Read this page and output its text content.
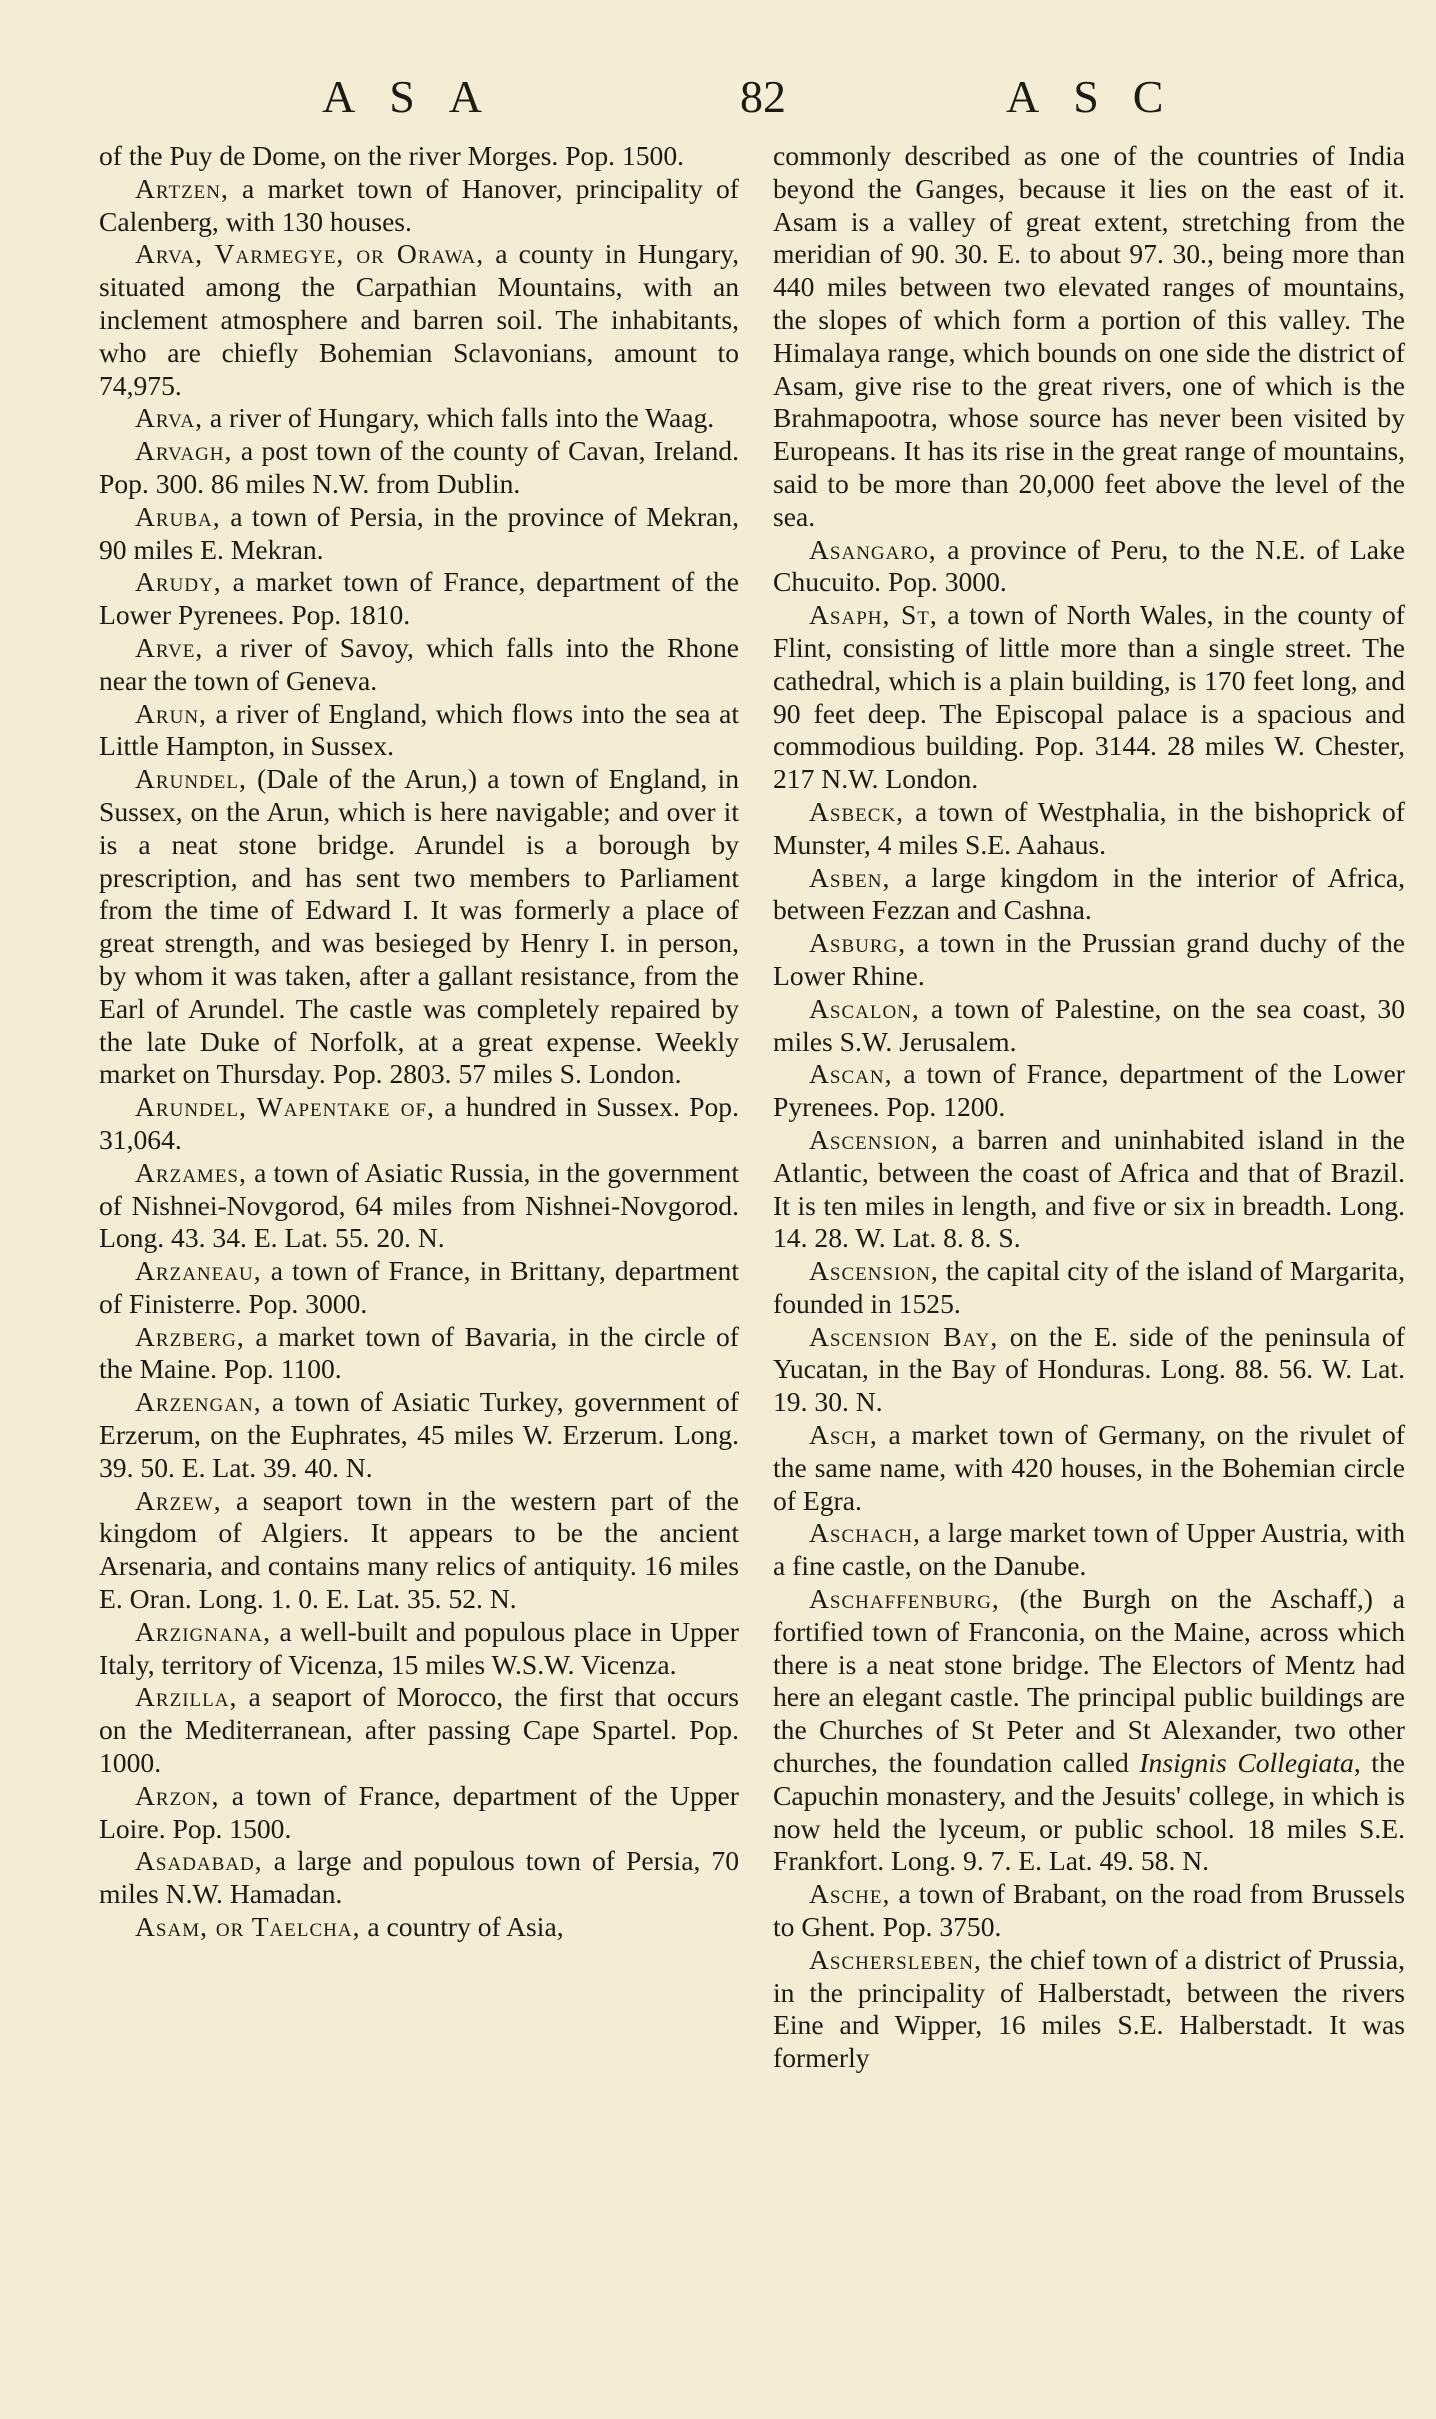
ASA	82	ASC

of the Puy de Dome, on the river Morges. Pop. 1500.

Artzen, a market town of Hanover, principality of Calenberg, with 130 houses.

Arva, Varmegye, or Orawa, a county in Hungary, situated among the Carpathian Mountains, with an inclement atmosphere and barren soil. The inhabitants, who are chiefly Bohemian Sclavonians, amount to 74,975.

Arva, a river of Hungary, which falls into the Waag.

Arvagh, a post town of the county of Cavan, Ireland. Pop. 300. 86 miles N.W. from Dublin.

Aruba, a town of Persia, in the province of Mekran, 90 miles E. Mekran.

Arudy, a market town of France, department of the Lower Pyrenees. Pop. 1810.

Arve, a river of Savoy, which falls into the Rhone near the town of Geneva.

Arun, a river of England, which flows into the sea at Little Hampton, in Sussex.

Arundel, (Dale of the Arun,) a town of England, in Sussex, on the Arun, which is here navigable; and over it is a neat stone bridge. Arundel is a borough by prescription, and has sent two members to Parliament from the time of Edward I. It was formerly a place of great strength, and was besieged by Henry I. in person, by whom it was taken, after a gallant resistance, from the Earl of Arundel. The castle was completely repaired by the late Duke of Norfolk, at a great expense. Weekly market on Thursday. Pop. 2803. 57 miles S. London.

Arundel, Wapentake of, a hundred in Sussex. Pop. 31,064.

Arzames, a town of Asiatic Russia, in the government of Nishnei-Novgorod, 64 miles from Nishnei-Novgorod. Long. 43. 34. E. Lat. 55. 20. N.

Arzaneau, a town of France, in Brittany, department of Finisterre. Pop. 3000.

Arzberg, a market town of Bavaria, in the circle of the Maine. Pop. 1100.

Arzengan, a town of Asiatic Turkey, government of Erzerum, on the Euphrates, 45 miles W. Erzerum. Long. 39. 50. E. Lat. 39. 40. N.

Arzew, a seaport town in the western part of the kingdom of Algiers. It appears to be the ancient Arsenaria, and contains many relics of antiquity. 16 miles E. Oran. Long. 1. 0. E. Lat. 35. 52. N.

Arzignana, a well-built and populous place in Upper Italy, territory of Vicenza, 15 miles W.S.W. Vicenza.

Arzilla, a seaport of Morocco, the first that occurs on the Mediterranean, after passing Cape Spartel. Pop. 1000.

Arzon, a town of France, department of the Upper Loire. Pop. 1500.

Asadabad, a large and populous town of Persia, 70 miles N.W. Hamadan.

Asam, or Taelcha, a country of Asia,

commonly described as one of the countries of India beyond the Ganges, because it lies on the east of it. Asam is a valley of great extent, stretching from the meridian of 90. 30. E. to about 97. 30., being more than 440 miles between two elevated ranges of mountains, the slopes of which form a portion of this valley. The Himalaya range, which bounds on one side the district of Asam, give rise to the great rivers, one of which is the Brahmapootra, whose source has never been visited by Europeans. It has its rise in the great range of mountains, said to be more than 20,000 feet above the level of the sea.

Asangaro, a province of Peru, to the N.E. of Lake Chucuito. Pop. 3000.

Asaph, St, a town of North Wales, in the county of Flint, consisting of little more than a single street. The cathedral, which is a plain building, is 170 feet long, and 90 feet deep. The Episcopal palace is a spacious and commodious building. Pop. 3144. 28 miles W. Chester, 217 N.W. London.

Asbeck, a town of Westphalia, in the bishoprick of Munster, 4 miles S.E. Aahaus.

Asben, a large kingdom in the interior of Africa, between Fezzan and Cashna.

Asburg, a town in the Prussian grand duchy of the Lower Rhine.

Ascalon, a town of Palestine, on the sea coast, 30 miles S.W. Jerusalem.

Ascan, a town of France, department of the Lower Pyrenees. Pop. 1200.

Ascension, a barren and uninhabited island in the Atlantic, between the coast of Africa and that of Brazil. It is ten miles in length, and five or six in breadth. Long. 14. 28. W. Lat. 8. 8. S.

Ascension, the capital city of the island of Margarita, founded in 1525.

Ascension Bay, on the E. side of the peninsula of Yucatan, in the Bay of Honduras. Long. 88. 56. W. Lat. 19. 30. N.

Asch, a market town of Germany, on the rivulet of the same name, with 420 houses, in the Bohemian circle of Egra.

Aschach, a large market town of Upper Austria, with a fine castle, on the Danube.

Aschaffenburg, (the Burgh on the Aschaff,) a fortified town of Franconia, on the Maine, across which there is a neat stone bridge. The Electors of Mentz had here an elegant castle. The principal public buildings are the Churches of St Peter and St Alexander, two other churches, the foundation called Insignis Collegiata, the Capuchin monastery, and the Jesuits' college, in which is now held the lyceum, or public school. 18 miles S.E. Frankfort. Long. 9. 7. E. Lat. 49. 58. N.

Asche, a town of Brabant, on the road from Brussels to Ghent. Pop. 3750.

Aschersleben, the chief town of a district of Prussia, in the principality of Halberstadt, between the rivers Eine and Wipper, 16 miles S.E. Halberstadt. It was formerly
